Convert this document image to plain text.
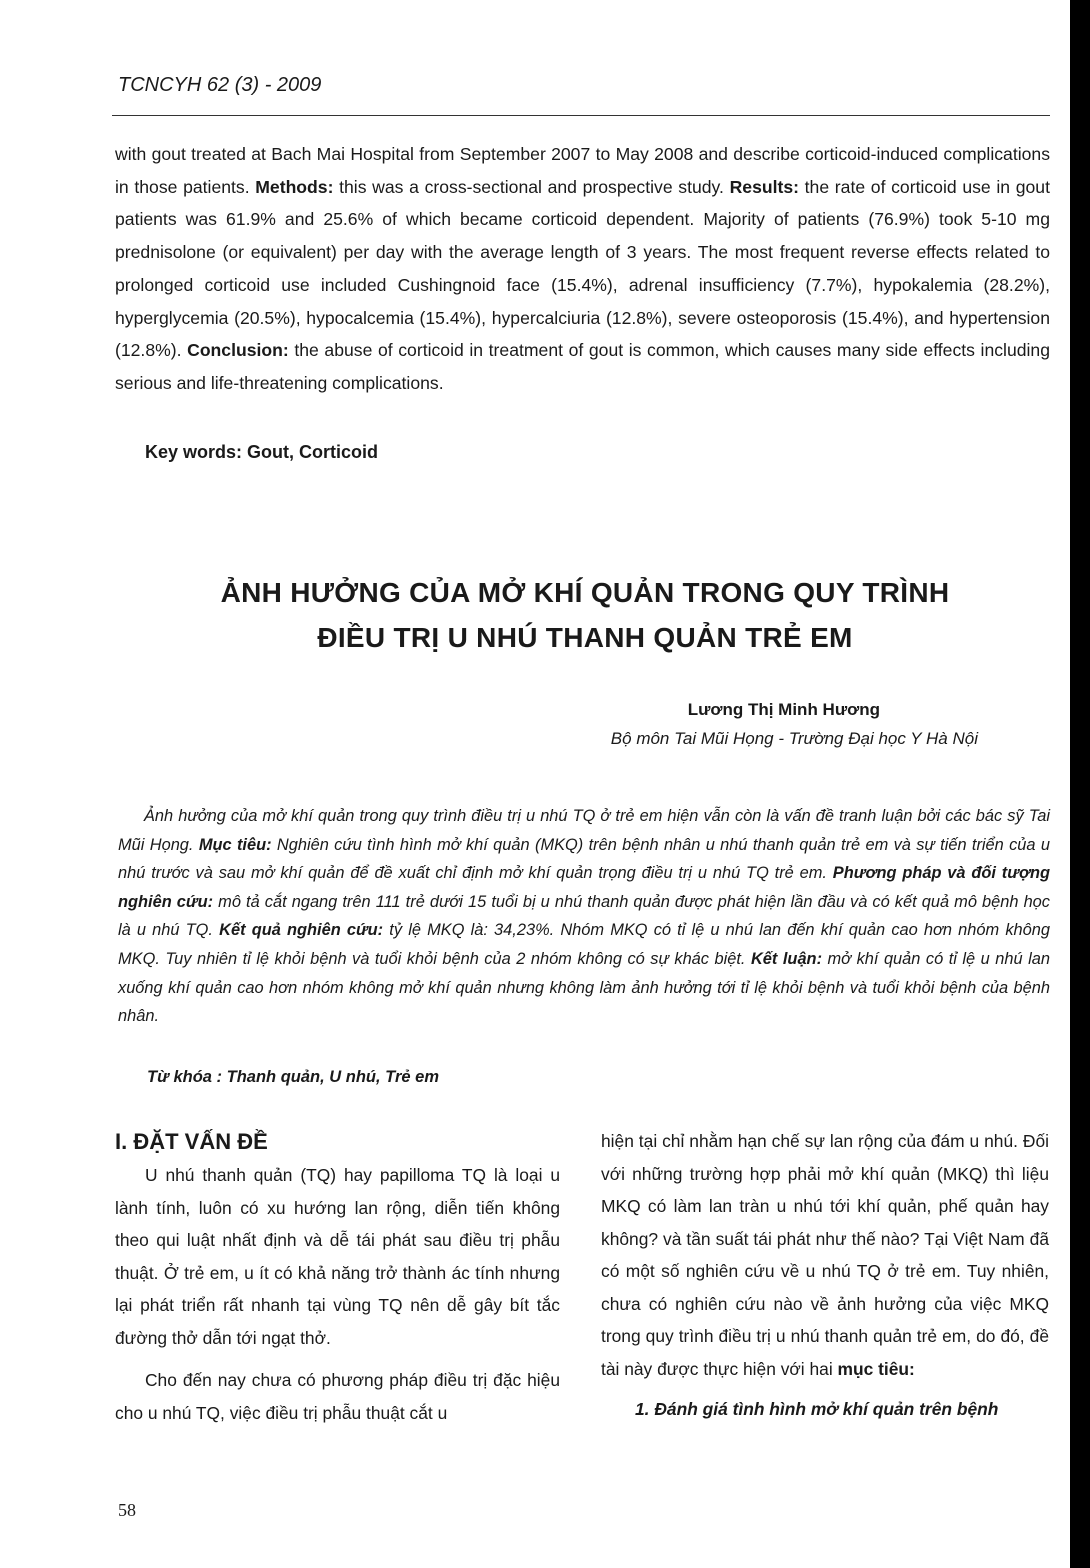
TCNCYH 62 (3) - 2009
with gout treated at Bach Mai Hospital from September 2007 to May 2008 and describe corticoid-induced complications in those patients. Methods: this was a cross-sectional and prospective study. Results: the rate of corticoid use in gout patients was 61.9% and 25.6% of which became corticoid dependent. Majority of patients (76.9%) took 5-10 mg prednisolone (or equivalent) per day with the average length of 3 years. The most frequent reverse effects related to prolonged corticoid use included Cushingnoid face (15.4%), adrenal insufficiency (7.7%), hypokalemia (28.2%), hyperglycemia (20.5%), hypocalcemia (15.4%), hypercalciuria (12.8%), severe osteoporosis (15.4%), and hypertension (12.8%). Conclusion: the abuse of corticoid in treatment of gout is common, which causes many side effects including serious and life-threatening complications.
Key words: Gout, Corticoid
ẢNH HƯỞNG CỦA MỞ KHÍ QUẢN TRONG QUY TRÌNH
ĐIỀU TRỊ U NHÚ THANH QUẢN TRẺ EM
Lương Thị Minh Hương
Bộ môn Tai Mũi Họng - Trường Đại học Y Hà Nội
Ảnh hưởng của mở khí quản trong quy trình điều trị u nhú TQ ở trẻ em hiện vẫn còn là vấn đề tranh luận bởi các bác sỹ Tai Mũi Họng. Mục tiêu: Nghiên cứu tình hình mở khí quản (MKQ) trên bệnh nhân u nhú thanh quản trẻ em và sự tiến triển của u nhú trước và sau mở khí quản để đề xuất chỉ định mở khí quản trọng điều trị u nhú TQ trẻ em. Phương pháp và đối tượng nghiên cứu: mô tả cắt ngang trên 111 trẻ dưới 15 tuổi bị u nhú thanh quản được phát hiện lần đầu và có kết quả mô bệnh học là u nhú TQ. Kết quả nghiên cứu: tỷ lệ MKQ là: 34,23%. Nhóm MKQ có tỉ lệ u nhú lan đến khí quản cao hơn nhóm không MKQ. Tuy nhiên tỉ lệ khỏi bệnh và tuổi khỏi bệnh của 2 nhóm không có sự khác biệt. Kết luận: mở khí quản có tỉ lệ u nhú lan xuống khí quản cao hơn nhóm không mở khí quản nhưng không làm ảnh hưởng tới tỉ lệ khỏi bệnh và tuổi khỏi bệnh của bệnh nhân.
Từ khóa : Thanh quản, U nhú, Trẻ em

I. ĐẶT VẤN ĐỀ

U nhú thanh quản (TQ) hay papilloma TQ là loại u lành tính, luôn có xu hướng lan rộng, diễn tiến không theo qui luật nhất định và dễ tái phát sau điều trị phẫu thuật. Ở trẻ em, u ít có khả năng trở thành ác tính nhưng lại phát triển rất nhanh tại vùng TQ nên dễ gây bít tắc đường thở dẫn tới ngạt thở.

Cho đến nay chưa có phương pháp điều trị đặc hiệu cho u nhú TQ, việc điều trị phẫu thuật cắt u

hiện tại chỉ nhằm hạn chế sự lan rộng của đám u nhú. Đối với những trường hợp phải mở khí quản (MKQ) thì liệu MKQ có làm lan tràn u nhú tới khí quản, phế quản hay không? và tần suất tái phát như thế nào? Tại Việt Nam đã có một số nghiên cứu về u nhú TQ ở trẻ em. Tuy nhiên, chưa có nghiên cứu nào về ảnh hưởng của việc MKQ trong quy trình điều trị u nhú thanh quản trẻ em, do đó, đề tài này được thực hiện với hai mục tiêu:

1. Đánh giá tình hình mở khí quản trên bệnh

58
